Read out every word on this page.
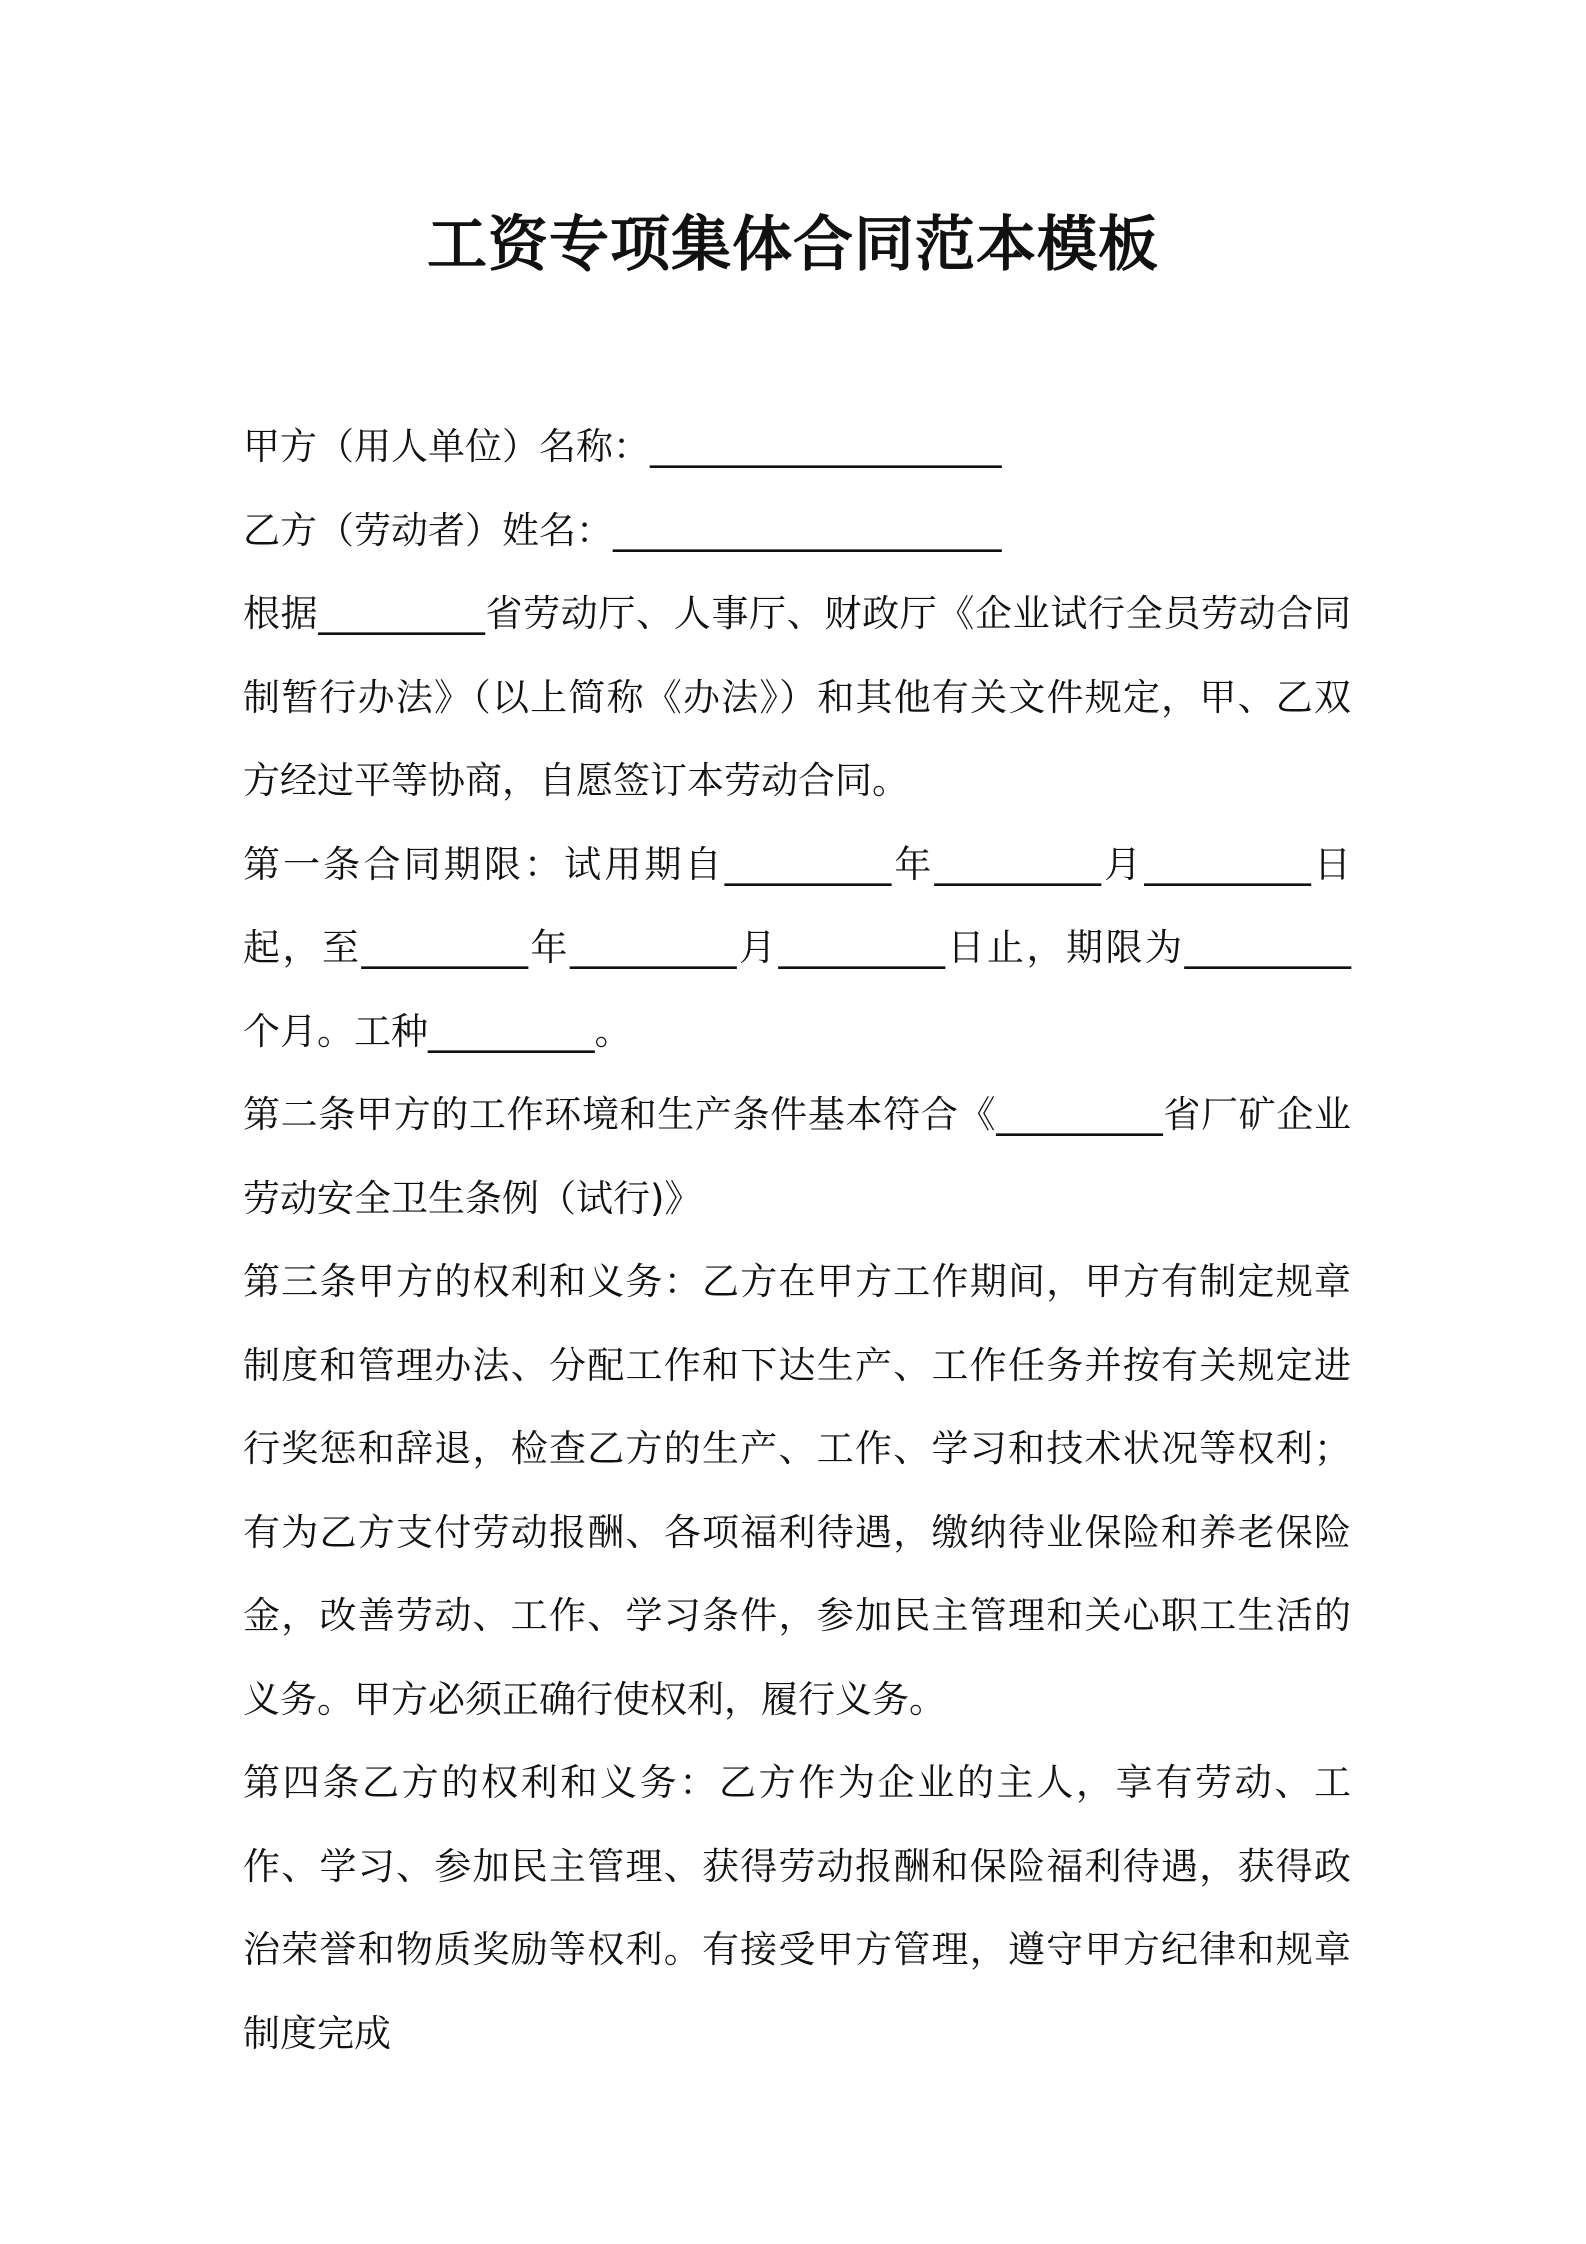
工资专项集体合同范本模板

甲方（用人单位）名称：___________________

乙方（劳动者）姓名：_____________________

根据_________省劳动厅、人事厅、财政厅《企业试行全员劳动合同制暂行办法》（以上简称《办法》）和其他有关文件规定，甲、乙双方经过平等协商，自愿签订本劳动合同。

第一条合同期限：试用期自_________年_________月_________日起，至_________年_________月_________日止，期限为_________个月。工种_________。

第二条甲方的工作环境和生产条件基本符合《_________省厂矿企业劳动安全卫生条例（试行)》

第三条甲方的权利和义务：乙方在甲方工作期间，甲方有制定规章制度和管理办法、分配工作和下达生产、工作任务并按有关规定进行奖惩和辞退，检查乙方的生产、工作、学习和技术状况等权利；有为乙方支付劳动报酬、各项福利待遇，缴纳待业保险和养老保险金，改善劳动、工作、学习条件，参加民主管理和关心职工生活的义务。甲方必须正确行使权利，履行义务。

第四条乙方的权利和义务：乙方作为企业的主人，享有劳动、工作、学习、参加民主管理、获得劳动报酬和保险福利待遇，获得政治荣誉和物质奖励等权利。有接受甲方管理，遵守甲方纪律和规章制度完成
